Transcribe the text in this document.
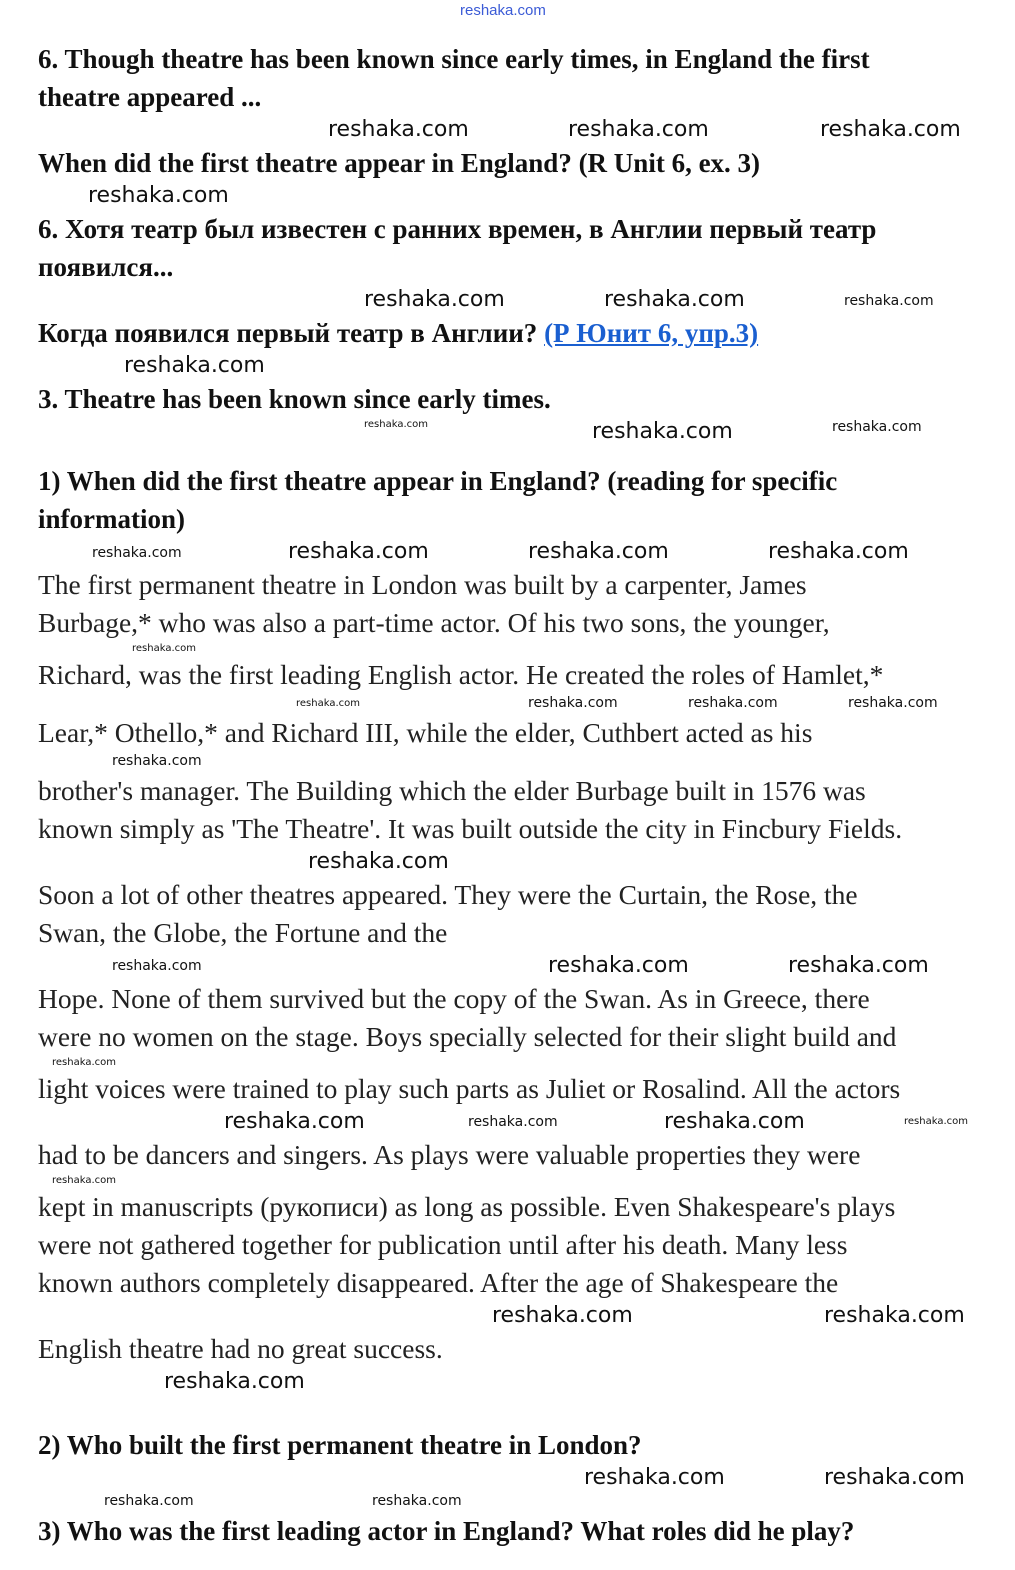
reshaka.com
6. Though theatre has been known since early times, in England the first
theatre appeared ...
reshaka.com	reshaka.com	reshaka.com
When did the first theatre appear in England? (R Unit 6, ex. 3)
reshaka.com
6. Хотя театр был известен с ранних времен, в Англии первый театр
появился...
reshaka.com	reshaka.com	reshaka.com
Когда появился первый театр в Англии? (Р Юнит 6, упр.3)
reshaka.com
3. Theatre has been known since early times.
reshaka.com	reshaka.com	reshaka.com
1) When did the first theatre appear in England? (reading for specific
information)
reshaka.com	reshaka.com	reshaka.com	reshaka.com
The first permanent theatre in London was built by a carpenter, James
Burbage,* who was also a part-time actor. Of his two sons, the younger,
reshaka.com
Richard, was the first leading English actor. He created the roles of Hamlet,*
reshaka.com	reshaka.com	reshaka.com	reshaka.com
Lear,* Othello,* and Richard III, while the elder, Cuthbert acted as his
reshaka.com
brother's manager. The Building which the elder Burbage built in 1576 was
known simply as 'The Theatre'. It was built outside the city in Fincbury Fields.
reshaka.com
Soon a lot of other theatres appeared. They were the Curtain, the Rose, the
Swan, the Globe, the Fortune and the
reshaka.com	reshaka.com	reshaka.com
Hope. None of them survived but the copy of the Swan. As in Greece, there
were no women on the stage. Boys specially selected for their slight build and
reshaka.com
light voices were trained to play such parts as Juliet or Rosalind. All the actors
reshaka.com	reshaka.com	reshaka.com	reshaka.com
had to be dancers and singers. As plays were valuable properties they were
reshaka.com
kept in manuscripts (рукописи) as long as possible. Even Shakespeare's plays
were not gathered together for publication until after his death. Many less
known authors completely disappeared. After the age of Shakespeare the
reshaka.com	reshaka.com
English theatre had no great success.
reshaka.com
2) Who built the first permanent theatre in London?
reshaka.com	reshaka.com
reshaka.com	reshaka.com
3) Who was the first leading actor in England? What roles did he play?
